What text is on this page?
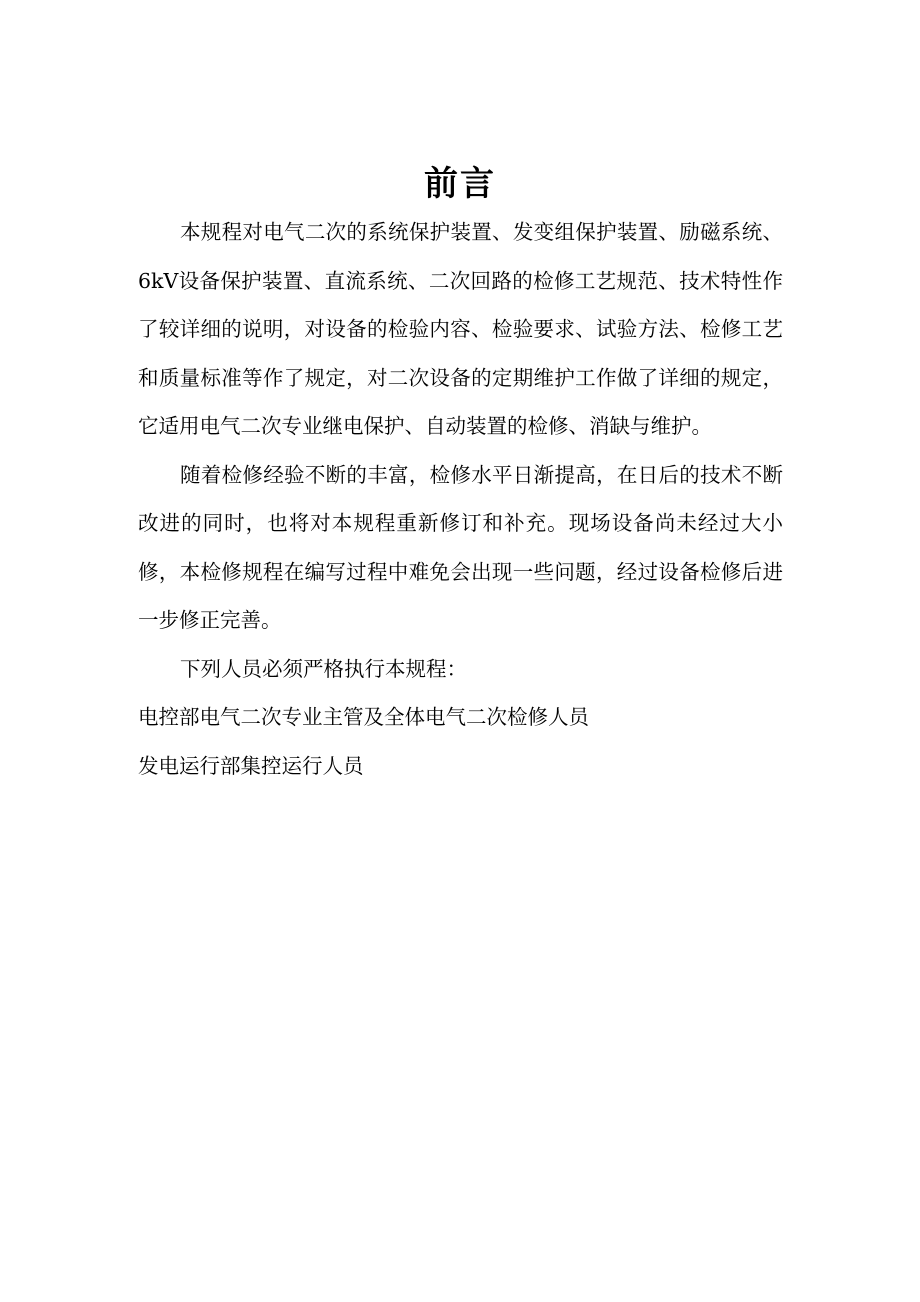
前言

本规程对电气二次的系统保护装置、发变组保护装置、励磁系统、6kV设备保护装置、直流系统、二次回路的检修工艺规范、技术特性作了较详细的说明，对设备的检验内容、检验要求、试验方法、检修工艺和质量标准等作了规定，对二次设备的定期维护工作做了详细的规定，它适用电气二次专业继电保护、自动装置的检修、消缺与维护。

随着检修经验不断的丰富，检修水平日渐提高，在日后的技术不断改进的同时，也将对本规程重新修订和补充。现场设备尚未经过大小修，本检修规程在编写过程中难免会出现一些问题，经过设备检修后进一步修正完善。

下列人员必须严格执行本规程：

电控部电气二次专业主管及全体电气二次检修人员

发电运行部集控运行人员
